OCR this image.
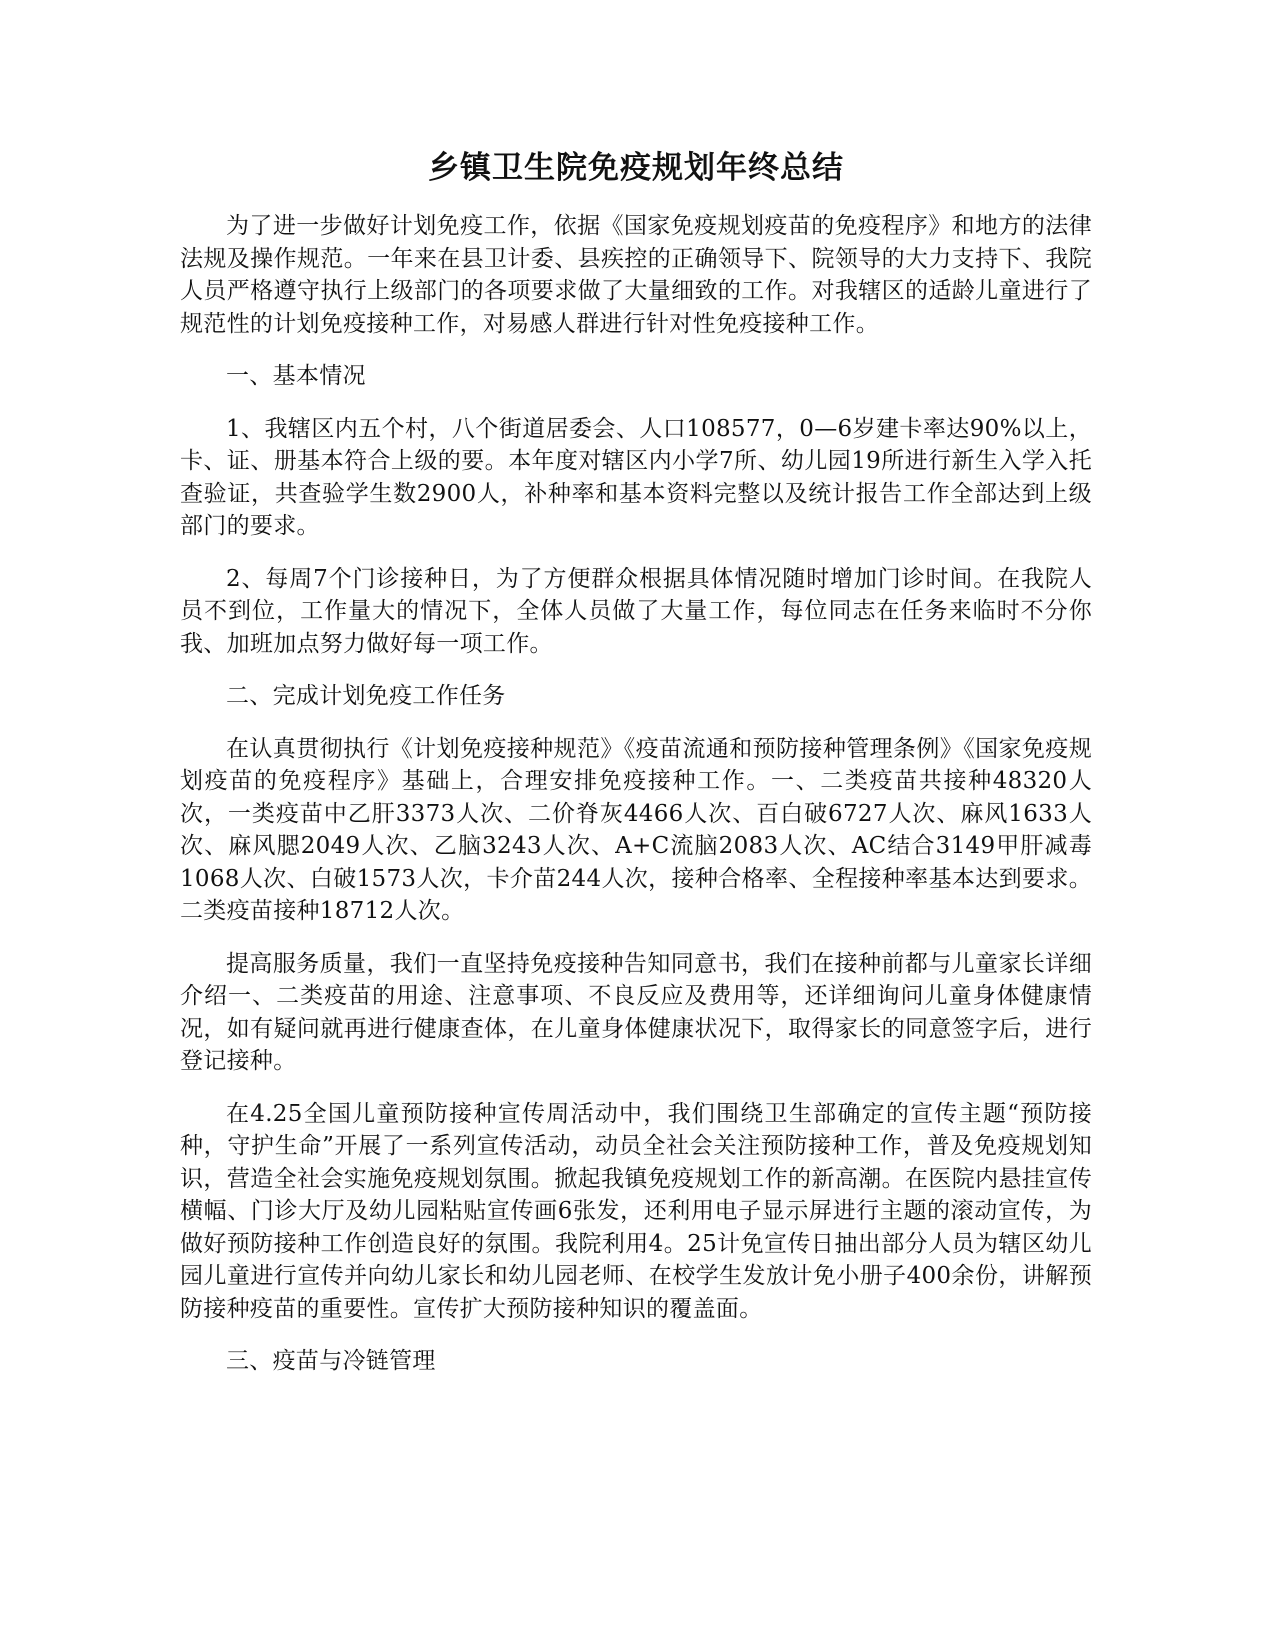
乡镇卫生院免疫规划年终总结

为了进一步做好计划免疫工作，依据《国家免疫规划疫苗的免疫程序》和地方的法律法规及操作规范。一年来在县卫计委、县疾控的正确领导下、院领导的大力支持下、我院人员严格遵守执行上级部门的各项要求做了大量细致的工作。对我辖区的适龄儿童进行了规范性的计划免疫接种工作，对易感人群进行针对性免疫接种工作。

一、基本情况

1、我辖区内五个村，八个街道居委会、人口108577，0—6岁建卡率达90%以上，卡、证、册基本符合上级的要。本年度对辖区内小学7所、幼儿园19所进行新生入学入托查验证，共查验学生数2900人，补种率和基本资料完整以及统计报告工作全部达到上级部门的要求。

2、每周7个门诊接种日，为了方便群众根据具体情况随时增加门诊时间。在我院人员不到位，工作量大的情况下，全体人员做了大量工作，每位同志在任务来临时不分你我、加班加点努力做好每一项工作。

二、完成计划免疫工作任务

在认真贯彻执行《计划免疫接种规范》《疫苗流通和预防接种管理条例》《国家免疫规划疫苗的免疫程序》基础上，合理安排免疫接种工作。一、二类疫苗共接种48320人次，一类疫苗中乙肝3373人次、二价脊灰4466人次、百白破6727人次、麻风1633人次、麻风腮2049人次、乙脑3243人次、A+C流脑2083人次、AC结合3149甲肝减毒1068人次、白破1573人次，卡介苗244人次，接种合格率、全程接种率基本达到要求。二类疫苗接种18712人次。

提高服务质量，我们一直坚持免疫接种告知同意书，我们在接种前都与儿童家长详细介绍一、二类疫苗的用途、注意事项、不良反应及费用等，还详细询问儿童身体健康情况，如有疑问就再进行健康查体，在儿童身体健康状况下，取得家长的同意签字后，进行登记接种。

在4.25全国儿童预防接种宣传周活动中，我们围绕卫生部确定的宣传主题“预防接种，守护生命”开展了一系列宣传活动，动员全社会关注预防接种工作，普及免疫规划知识，营造全社会实施免疫规划氛围。掀起我镇免疫规划工作的新高潮。在医院内悬挂宣传横幅、门诊大厅及幼儿园粘贴宣传画6张发，还利用电子显示屏进行主题的滚动宣传，为做好预防接种工作创造良好的氛围。我院利用4。25计免宣传日抽出部分人员为辖区幼儿园儿童进行宣传并向幼儿家长和幼儿园老师、在校学生发放计免小册子400余份，讲解预防接种疫苗的重要性。宣传扩大预防接种知识的覆盖面。

三、疫苗与冷链管理
